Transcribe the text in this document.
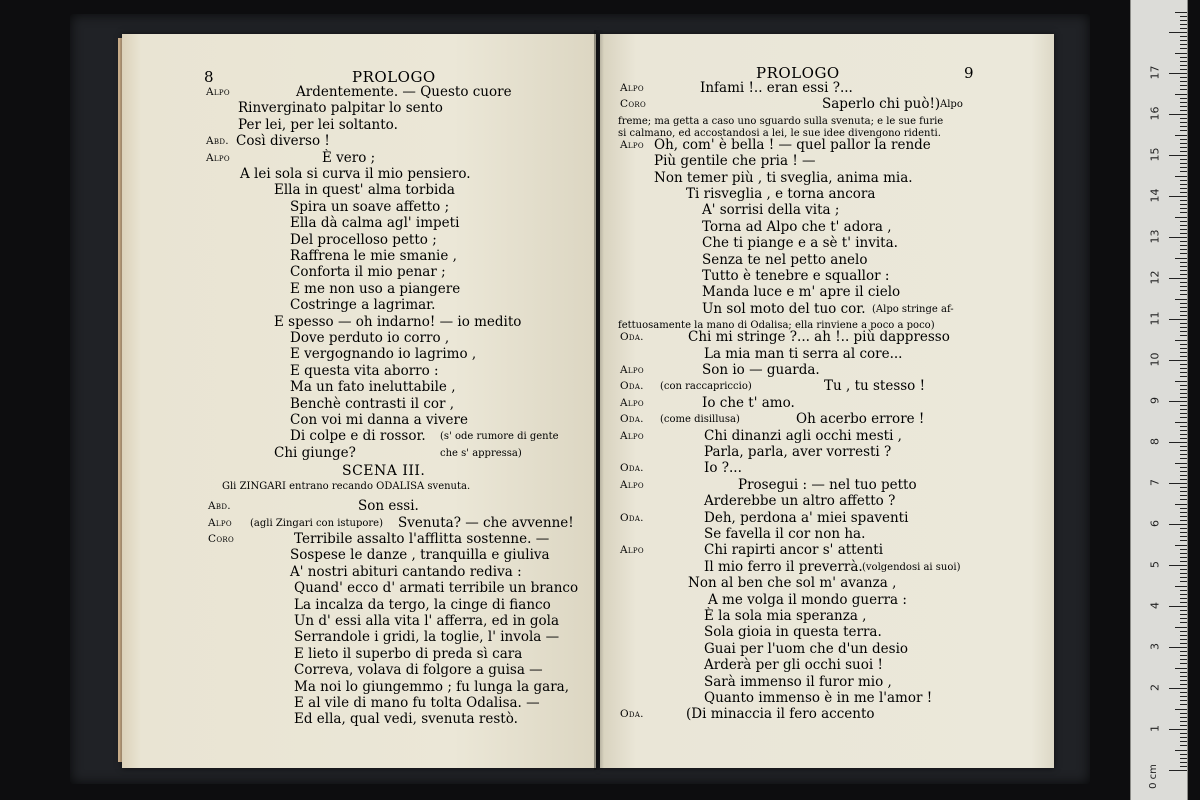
8	PROLOGO
Alpo	Ardentemente. — Questo cuore
Rinverginato palpitar lo sento
Per lei, per lei soltanto.
Abd. Così diverso !
Alpo	È vero ;
A lei sola si curva il mio pensiero.
Ella in quest' alma torbida
Spira un soave affetto ;
Ella dà calma agl' impeti
Del procelloso petto ;
Raffrena le mie smanie ,
Conforta il mio penar ;
E me non uso a piangere
Costringe a lagrimar.
E spesso — oh indarno! — io medito
Dove perduto io corro ,
E vergognando io lagrimo ,
E questa vita aborro :
Ma un fato ineluttabile ,
Benchè contrasti il cor ,
Con voi mi danna a vivere
Di colpe e di rossor. (s' ode rumore di gente
Chi giunge?	che s' appressa)
SCENA III.
Gli ZINGARI entrano recando ODALISA svenuta.
Abd.	Son essi.
Alpo (agli Zingari con istupore) Svenuta? — che avvenne!
Coro	Terribile assalto l'afflitta sostenne. —
Sospese le danze , tranquilla e giuliva
A' nostri abituri cantando rediva :
Quand' ecco d' armati terribile un branco
La incalza da tergo, la cinge di fianco
Un d' essi alla vita l' afferra, ed in gola
Serrandole i gridi, la toglie, l' invola —
E lieto il superbo di preda sì cara
Correva, volava di folgore a guisa —
Ma noi lo giungemmo ; fu lunga la gara,
E al vile di mano fu tolta Odalisa. —
Ed ella, qual vedi, svenuta restò.
PROLOGO	9
Alpo	Infami !.. eran essi ?...
Coro	Saperlo chi può!) Alpo
freme; ma getta a caso uno sguardo sulla svenuta; e le sue furie
si calmano, ed accostandosi a lei, le sue idee divengono ridenti.
Alpo Oh, com' è bella ! — quel pallor la rende
Più gentile che pria ! —
Non temer più , ti sveglia, anima mia.
Ti risveglia , e torna ancora
A' sorrisi della vita ;
Torna ad Alpo che t' adora ,
Che ti piange e a sè t' invita.
Senza te nel petto anelo
Tutto è tenebre e squallor :
Manda luce e m' apre il cielo
Un sol moto del tuo cor. (Alpo stringe af-
fettuosamente la mano di Odalisa; ella rinviene a poco a poco)
Oda.	Chi mi stringe ?... ah !.. più dappresso
La mia man ti serra al core...
Alpo	Son io — guarda.
Oda.	Tu , tu stesso !
(con raccapriccio)
Alpo	Io che t' amo.
Oda.	Oh acerbo errore !
(come disillusa)
Alpo	Chi dinanzi agli occhi mesti ,
Parla, parla, aver vorresti ?
Oda.	Io ?...
Alpo	Prosegui : — nel tuo petto
Arderebbe un altro affetto ?
Oda.	Deh, perdona a' miei spaventi
Se favella il cor non ha.
Alpo	Chi rapirti ancor s' attenti
Il mio ferro il preverrà. (volgendosi ai suoi)
Non al ben che sol m' avanza ,
A me volga il mondo guerra :
È la sola mia speranza ,
Sola gioia in questa terra.
Guai per l'uom che d'un desio
Arderà per gli occhi suoi !
Sarà immenso il furor mio ,
Quanto immenso è in me l'amor !
Oda.	(Di minaccia il fero accento
0 cm
1
2
3
4
5
6
7
8
9
10
11
12
13
14
15
16
17
